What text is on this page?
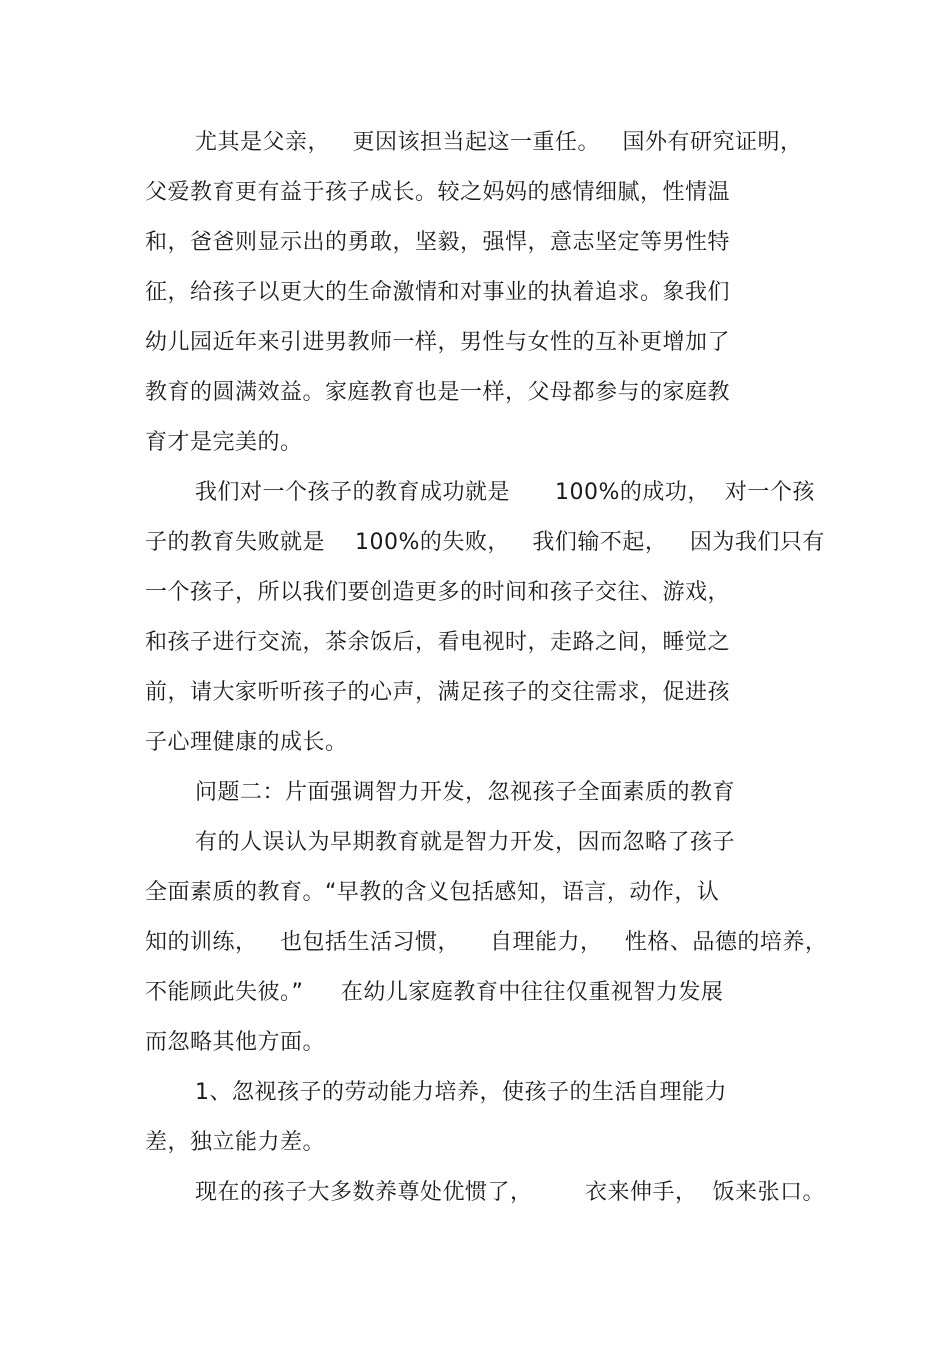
尤其是父亲，   更因该担当起这一重任。   国外有研究证明，
父爱教育更有益于孩子成长。较之妈妈的感情细腻，性情温
和，爸爸则显示出的勇敢，坚毅，强悍，意志坚定等男性特
征，给孩子以更大的生命激情和对事业的执着追求。象我们
幼儿园近年来引进男教师一样，男性与女性的互补更增加了
教育的圆满效益。家庭教育也是一样，父母都参与的家庭教
育才是完美的。
我们对一个孩子的教育成功就是      100%的成功，  对一个孩
子的教育失败就是    100%的失败，   我们输不起，   因为我们只有
一个孩子，所以我们要创造更多的时间和孩子交往、游戏，
和孩子进行交流，茶余饭后，看电视时，走路之间，睡觉之
前，请大家听听孩子的心声，满足孩子的交往需求，促进孩
子心理健康的成长。
问题二：片面强调智力开发，忽视孩子全面素质的教育
有的人误认为早期教育就是智力开发，因而忽略了孩子
全面素质的教育。“早教的含义包括感知，语言，动作，认
知的训练，   也包括生活习惯，    自理能力，   性格、品德的培养，
不能顾此失彼。”     在幼儿家庭教育中往往仅重视智力发展
而忽略其他方面。
1、忽视孩子的劳动能力培养，使孩子的生活自理能力
差，独立能力差。
现在的孩子大多数养尊处优惯了，       衣来伸手，  饭来张口。
